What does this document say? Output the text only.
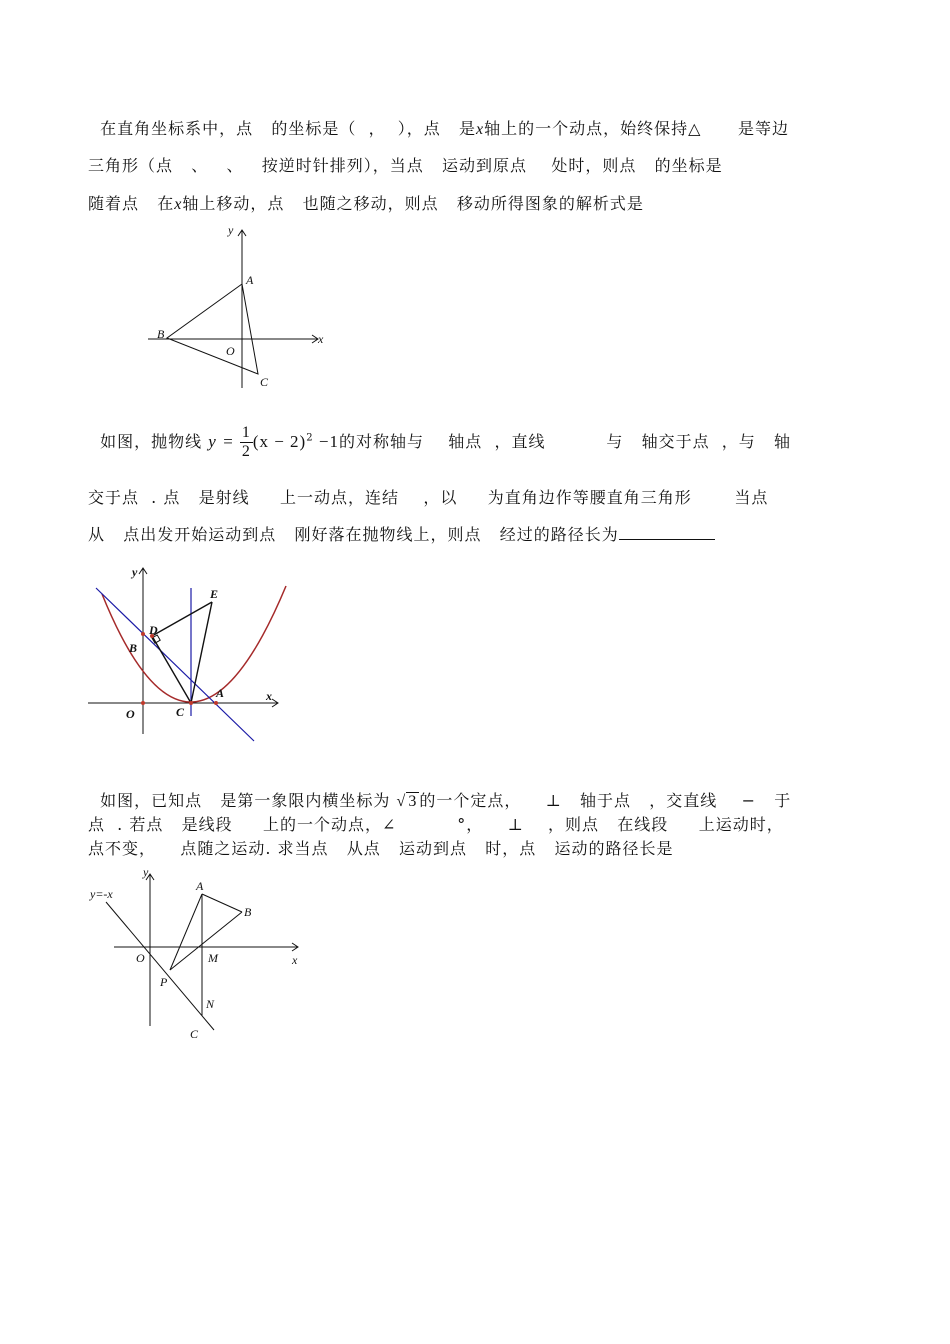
在直角坐标系中，点   的坐标是（  ，  ），点   是x轴上的一个动点，始终保持△      是等边
三角形（点   、   、   按逆时针排列），当点   运动到原点    处时，则点   的坐标是
随着点   在x轴上移动，点   也随之移动，则点   移动所得图象的解析式是
y
x
A
B
O
C
如图，抛物线 $y = \frac{1}{2} (x - 2)^2 -1$的对称轴与    轴点  ，直线          与   轴交于点  ，与   轴
交于点  . 点   是射线     上一动点，连结    ，以     为直角边作等腰直角三角形       当点
从   点出发开始运动到点   刚好落在抛物线上，则点   经过的路径长为
y
x
E
D
B
O	C
A
如图，已知点   是第一象限内横坐标为 √ 3 的一个定点，    ⊥   轴于点   ，交直线    −   于
点  . 若点   是线段     上的一个动点，∠          °，    ⊥    ，则点   在线段     上运动时，
点不变，    点随之运动. 求当点   从点   运动到点   时，点   运动的路径长是
y=-x
y
x
A
B
O	M
P
N
C
